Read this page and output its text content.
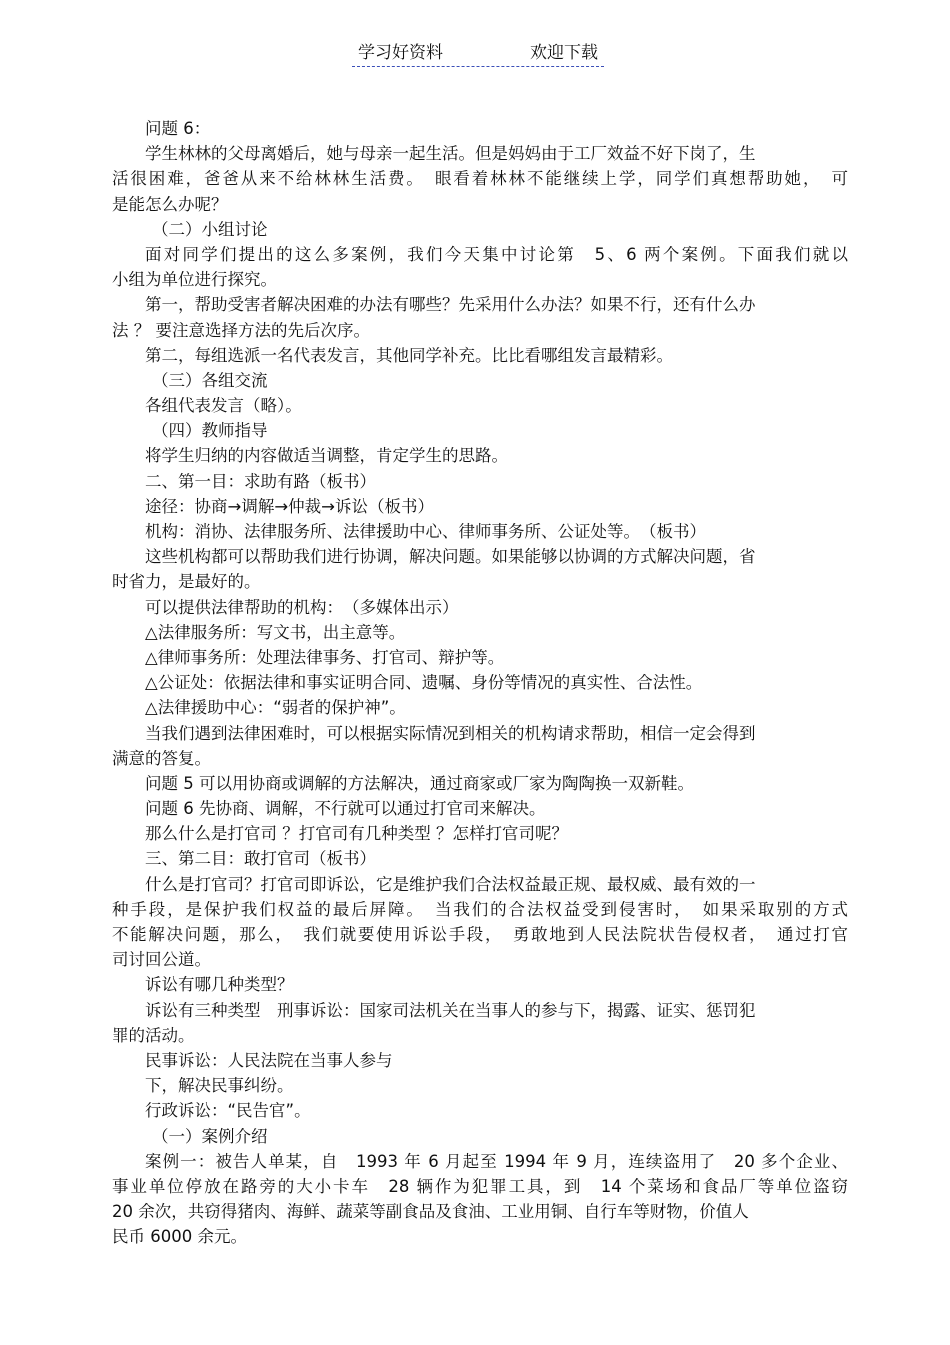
学习好资料	欢迎下载
问题 6：
学生林林的父母离婚后，她与母亲一起生活。但是妈妈由于工厂效益不好下岗了，生
活很困难，爸爸从来不给林林生活费。　眼看着林林不能继续上学，同学们真想帮助她，　可
是能怎么办呢？
（二）小组讨论
面对同学们提出的这么多案例，我们今天集中讨论第　5、6 两个案例。下面我们就以
小组为单位进行探究。
第一，帮助受害者解决困难的办法有哪些？先采用什么办法？如果不行，还有什么办
法 ？ 要注意选择方法的先后次序。
第二，每组选派一名代表发言，其他同学补充。比比看哪组发言最精彩。
（三）各组交流
各组代表发言（略）。
（四）教师指导
将学生归纳的内容做适当调整，肯定学生的思路。
二、第一目：求助有路（板书）
途径：协商→调解→仲裁→诉讼（板书）
机构：消协、法律服务所、法律援助中心、律师事务所、公证处等。　（板书）
这些机构都可以帮助我们进行协调，解决问题。如果能够以协调的方式解决问题，省
时省力，是最好的。
可以提供法律帮助的机构：　（多媒体出示）
△法律服务所：写文书，出主意等。
△律师事务所：处理法律事务、打官司、辩护等。
△公证处：依据法律和事实证明合同、遗嘱、身份等情况的真实性、合法性。
△法律援助中心：“弱者的保护神”。
当我们遇到法律困难时，可以根据实际情况到相关的机构请求帮助，相信一定会得到
满意的答复。
问题 5 可以用协商或调解的方法解决，通过商家或厂家为陶陶换一双新鞋。
问题 6 先协商、调解，不行就可以通过打官司来解决。
那么什么是打官司 ？打官司有几种类型 ？怎样打官司呢？
三、第二目：敢打官司（板书）
什么是打官司？打官司即诉讼，它是维护我们合法权益最正规、最权威、最有效的一
种手段，是保护我们权益的最后屏障。　当我们的合法权益受到侵害时，　如果采取别的方式
不能解决问题，那么，　我们就要使用诉讼手段，　勇敢地到人民法院状告侵权者，　通过打官
司讨回公道。
诉讼有哪几种类型？
诉讼有三种类型　刑事诉讼：国家司法机关在当事人的参与下，揭露、证实、惩罚犯
罪的活动。
民事诉讼：人民法院在当事人参与
下，解决民事纠纷。
行政诉讼：“民告官”。
（一）案例介绍
案例一：被告人单某，自　1993 年 6 月起至 1994 年 9 月，连续盗用了　20 多个企业、
事业单位停放在路旁的大小卡车　28 辆作为犯罪工具，到　14 个菜场和食品厂等单位盗窃
20 余次，共窃得猪肉、海鲜、蔬菜等副食品及食油、工业用铜、自行车等财物，价值人
民币 6000 余元。
